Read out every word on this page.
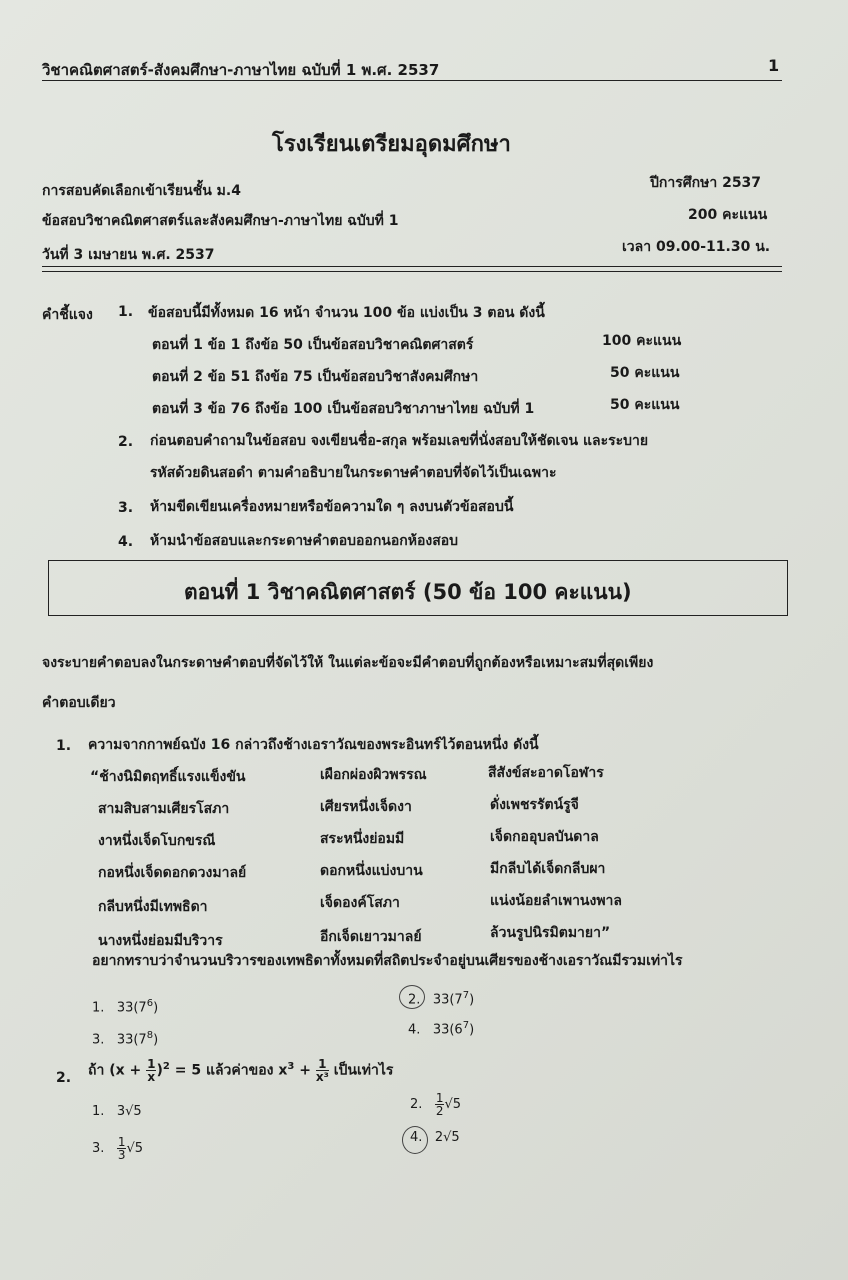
วิชาคณิตศาสตร์-สังคมศึกษา-ภาษาไทย ฉบับที่ 1 พ.ศ. 2537	1
โรงเรียนเตรียมอุดมศึกษา
การสอบคัดเลือกเข้าเรียนชั้น ม.4	ปีการศึกษา 2537
ข้อสอบวิชาคณิตศาสตร์และสังคมศึกษา-ภาษาไทย ฉบับที่ 1	200 คะแนน
วันที่ 3 เมษายน พ.ศ. 2537	เวลา 09.00-11.30 น.
คำชี้แจง 1. ข้อสอบนี้มีทั้งหมด 16 หน้า จำนวน 100 ข้อ แบ่งเป็น 3 ตอน ดังนี้
ตอนที่ 1 ข้อ 1 ถึงข้อ 50 เป็นข้อสอบวิชาคณิตศาสตร์	100 คะแนน
ตอนที่ 2 ข้อ 51 ถึงข้อ 75 เป็นข้อสอบวิชาสังคมศึกษา	50 คะแนน
ตอนที่ 3 ข้อ 76 ถึงข้อ 100 เป็นข้อสอบวิชาภาษาไทย ฉบับที่ 1	50 คะแนน
2. ก่อนตอบคำถามในข้อสอบ จงเขียนชื่อ-สกุล พร้อมเลขที่นั่งสอบให้ชัดเจน และระบาย
รหัสด้วยดินสอดำ ตามคำอธิบายในกระดาษคำตอบที่จัดไว้เป็นเฉพาะ
3. ห้ามขีดเขียนเครื่องหมายหรือข้อความใด ๆ ลงบนตัวข้อสอบนี้
4. ห้ามนำข้อสอบและกระดาษคำตอบออกนอกห้องสอบ
ตอนที่ 1 วิชาคณิตศาสตร์ (50 ข้อ 100 คะแนน)
จงระบายคำตอบลงในกระดาษคำตอบที่จัดไว้ให้ ในแต่ละข้อจะมีคำตอบที่ถูกต้องหรือเหมาะสมที่สุดเพียง
คำตอบเดียว
1. ความจากกาพย์ฉบัง 16 กล่าวถึงช้างเอราวัณของพระอินทร์ไว้ตอนหนึ่ง ดังนี้
“ช้างนิมิตฤทธิ์แรงแข็งขัน	เผือกผ่องผิวพรรณ	สีสังข์สะอาดโอฬาร
สามสิบสามเศียรโสภา	เศียรหนึ่งเจ็ดงา	ดั่งเพชรรัตน์รูจี
งาหนึ่งเจ็ดโบกขรณี	สระหนึ่งย่อมมี	เจ็ดกออุบลบันดาล
กอหนึ่งเจ็ดดอกดวงมาลย์	ดอกหนึ่งแบ่งบาน	มีกลีบได้เจ็ดกลีบผา
กลีบหนึ่งมีเทพธิดา	เจ็ดองค์โสภา	แน่งน้อยลำเพานงพาล
นางหนึ่งย่อมมีบริวาร	อีกเจ็ดเยาวมาลย์	ล้วนรูปนิรมิตมายา”
อยากทราบว่าจำนวนบริวารของเทพธิดาทั้งหมดที่สถิตประจำอยู่บนเศียรของช้างเอราวัณมีรวมเท่าไร
1. $33(7^6)$
2. $33(7^7)$
3. $33(7^8)$
4. $33(6^7)$
2. ถ้า $(x + \frac{1}{x} )^2 = 5$ แล้วค่าของ $x^3 + \frac{1}{\text{x³}}$ เป็นเท่าไร
1. 3√5	2. $\frac{1}{2} √5$
3. $\frac{1}{3} √5$
4. 2√5
